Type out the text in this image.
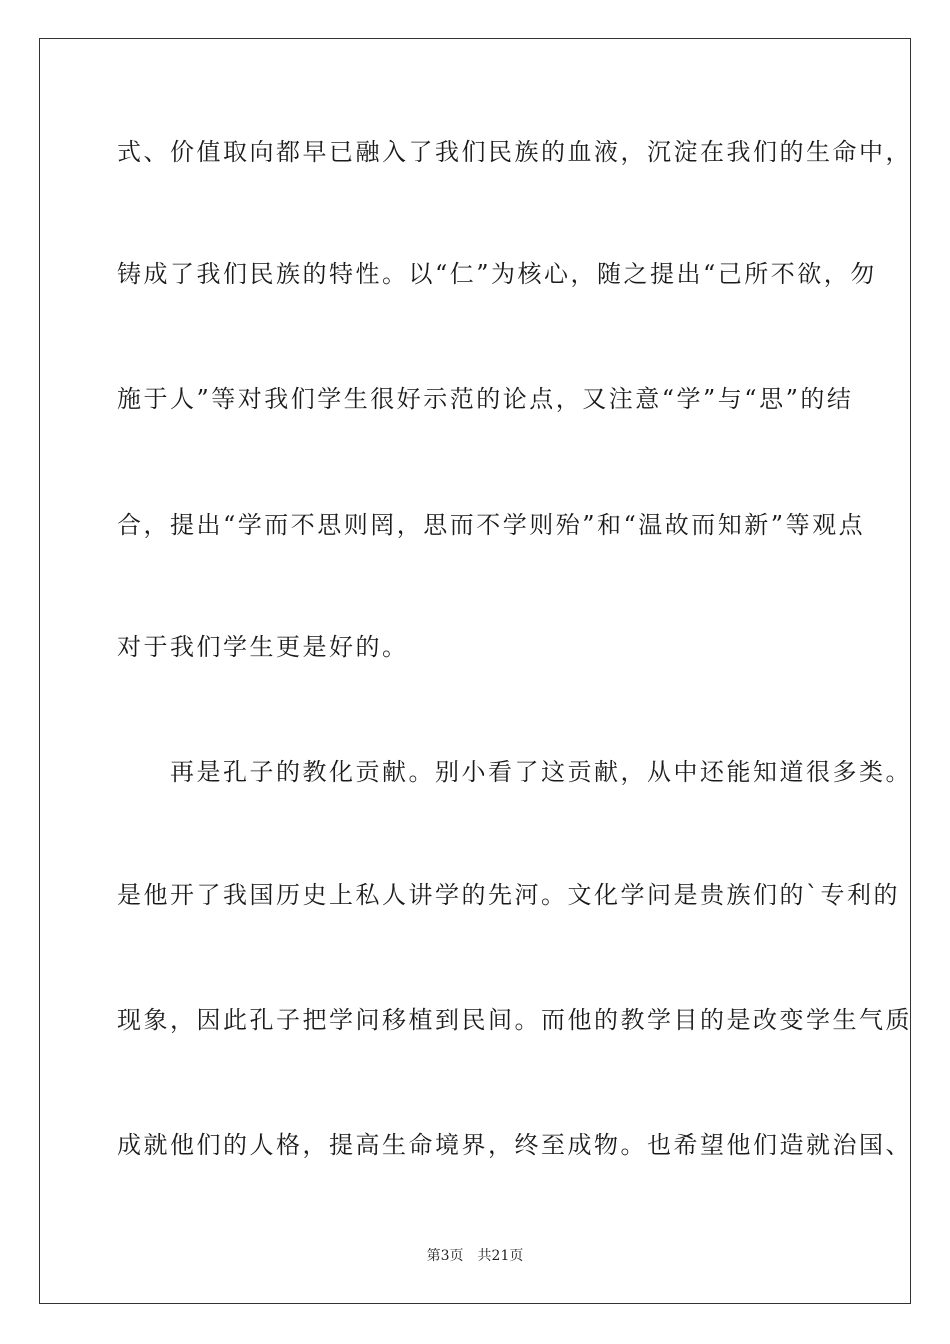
式、价值取向都早已融入了我们民族的血液，沉淀在我们的生命中，
铸成了我们民族的特性。以“仁”为核心，随之提出“己所不欲，勿
施于人”等对我们学生很好示范的论点，又注意“学”与“思”的结
合，提出“学而不思则罔，思而不学则殆”和“温故而知新”等观点
对于我们学生更是好的。
　　再是孔子的教化贡献。别小看了这贡献，从中还能知道很多类。
是他开了我国历史上私人讲学的先河。文化学问是贵族们的`专利的
现象，因此孔子把学问移植到民间。而他的教学目的是改变学生气质
成就他们的人格，提高生命境界，终至成物。也希望他们造就治国、
第3页 共21页
